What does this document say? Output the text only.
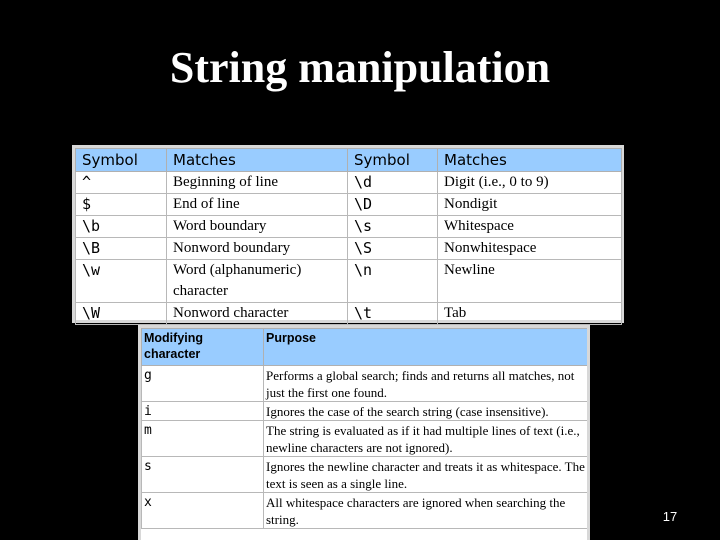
String manipulation
Symbol	Matches	Symbol	Matches
^	Beginning of line	\d	Digit (i.e., 0 to 9)
$	End of line	\D	Nondigit
\b	Word boundary	\s	Whitespace
\B	Nonword boundary	\S	Nonwhitespace
\w	Word (alphanumeric) character	\n	Newline
\W	Nonword character	\t	Tab
Modifying character	Purpose
g	Performs a global search; finds and returns all matches, not just the first one found.
i	Ignores the case of the search string (case insensitive).
m	The string is evaluated as if it had multiple lines of text (i.e., newline characters are not ignored).
s	Ignores the newline character and treats it as whitespace. The text is seen as a single line.
x	All whitespace characters are ignored when searching the string.	17
